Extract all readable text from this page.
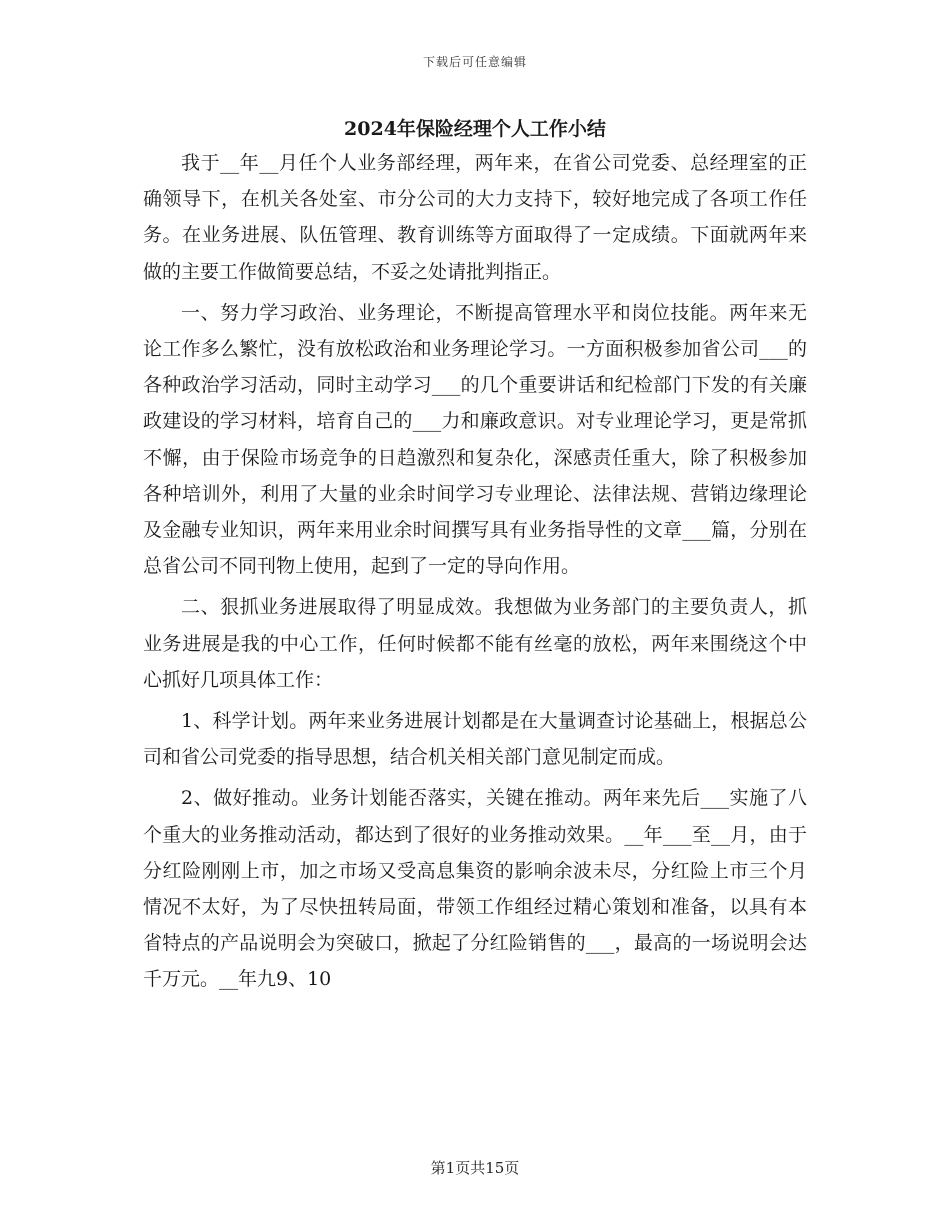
下载后可任意编辑
2024年保险经理个人工作小结

我于__年__月任个人业务部经理，两年来，在省公司党委、总经理室的正确领导下，在机关各处室、市分公司的大力支持下，较好地完成了各项工作任务。在业务进展、队伍管理、教育训练等方面取得了一定成绩。下面就两年来做的主要工作做简要总结，不妥之处请批判指正。

一、努力学习政治、业务理论，不断提高管理水平和岗位技能。两年来无论工作多么繁忙，没有放松政治和业务理论学习。一方面积极参加省公司___的各种政治学习活动，同时主动学习___的几个重要讲话和纪检部门下发的有关廉政建设的学习材料，培育自己的___力和廉政意识。对专业理论学习，更是常抓不懈，由于保险市场竞争的日趋激烈和复杂化，深感责任重大，除了积极参加各种培训外，利用了大量的业余时间学习专业理论、法律法规、营销边缘理论及金融专业知识，两年来用业余时间撰写具有业务指导性的文章___篇，分别在总省公司不同刊物上使用，起到了一定的导向作用。

二、狠抓业务进展取得了明显成效。我想做为业务部门的主要负责人，抓业务进展是我的中心工作，任何时候都不能有丝毫的放松，两年来围绕这个中心抓好几项具体工作：

1、科学计划。两年来业务进展计划都是在大量调查讨论基础上，根据总公司和省公司党委的指导思想，结合机关相关部门意见制定而成。

2、做好推动。业务计划能否落实，关键在推动。两年来先后___实施了八个重大的业务推动活动，都达到了很好的业务推动效果。__年___至__月，由于分红险刚刚上市，加之市场又受高息集资的影响余波未尽，分红险上市三个月情况不太好，为了尽快扭转局面，带领工作组经过精心策划和准备，以具有本省特点的产品说明会为突破口，掀起了分红险销售的___，最高的一场说明会达千万元。__年九9、10

第1页共15页
